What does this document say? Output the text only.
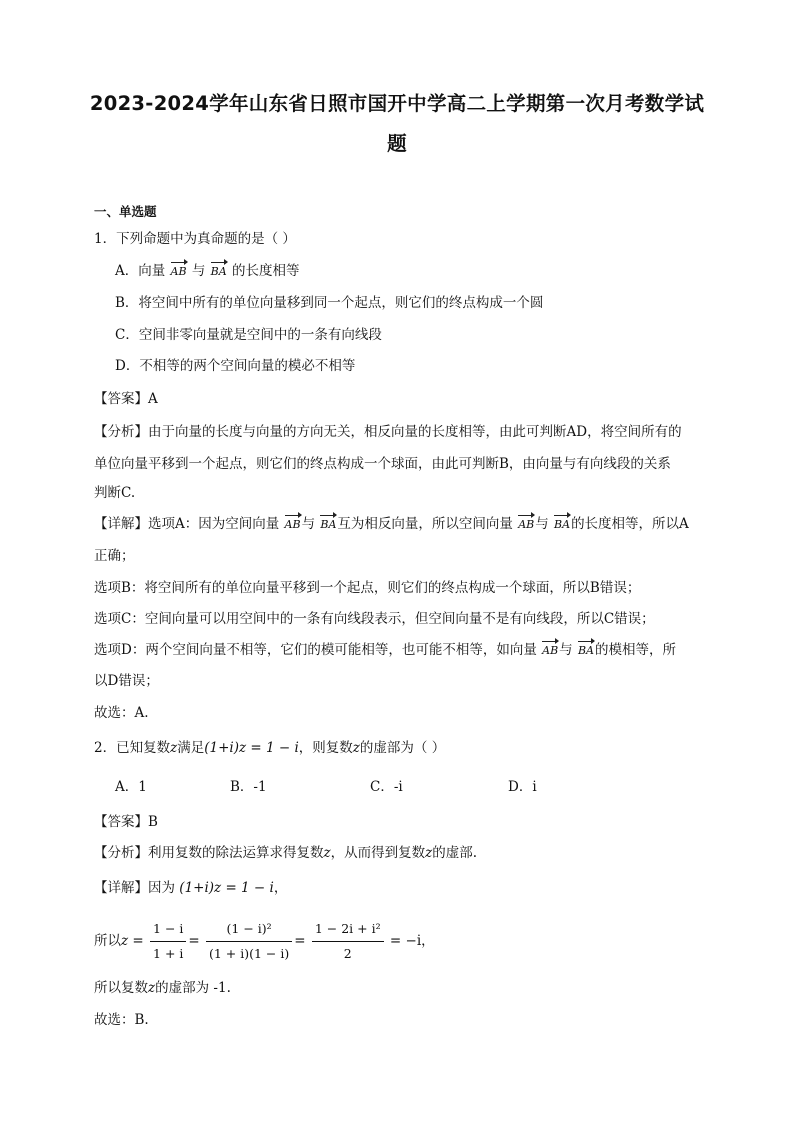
2023-2024学年山东省日照市国开中学高二上学期第一次月考数学试
题
一、单选题
1．下列命题中为真命题的是（ ）
A．向量 AB 与 BA 的长度相等
B．将空间中所有的单位向量移到同一个起点，则它们的终点构成一个圆
C．空间非零向量就是空间中的一条有向线段
D．不相等的两个空间向量的模必不相等
【答案】A
【分析】由于向量的长度与向量的方向无关，相反向量的长度相等，由此可判断AD，将空间所有的
单位向量平移到一个起点，则它们的终点构成一个球面，由此可判断B，由向量与有向线段的关系
判断C.
【详解】选项A：因为空间向量 AB与 BA互为相反向量，所以空间向量 AB与 BA的长度相等，所以A
正确；
选项B：将空间所有的单位向量平移到一个起点，则它们的终点构成一个球面，所以B错误；
选项C：空间向量可以用空间中的一条有向线段表示，但空间向量不是有向线段，所以C错误；
选项D：两个空间向量不相等，它们的模可能相等，也可能不相等，如向量 AB与 BA的模相等，所
以D错误；
故选：A.
2．已知复数z满足(1+i)z = 1 − i，则复数z的虚部为（ ）
A．1	B．-1	C．-i	D．i
【答案】B
【分析】利用复数的除法运算求得复数z，从而得到复数z的虚部.
【详解】因为 (1+i)z = 1 − i，
所以$z = \frac{1 - i}{1 + i} = \frac{\text{(1 − i)²}}{(1 + i)(1 - i)} = \frac{\text{1 − 2i + i²}}{2} = -i$，
所以复数z的虚部为 -1.
故选：B.
